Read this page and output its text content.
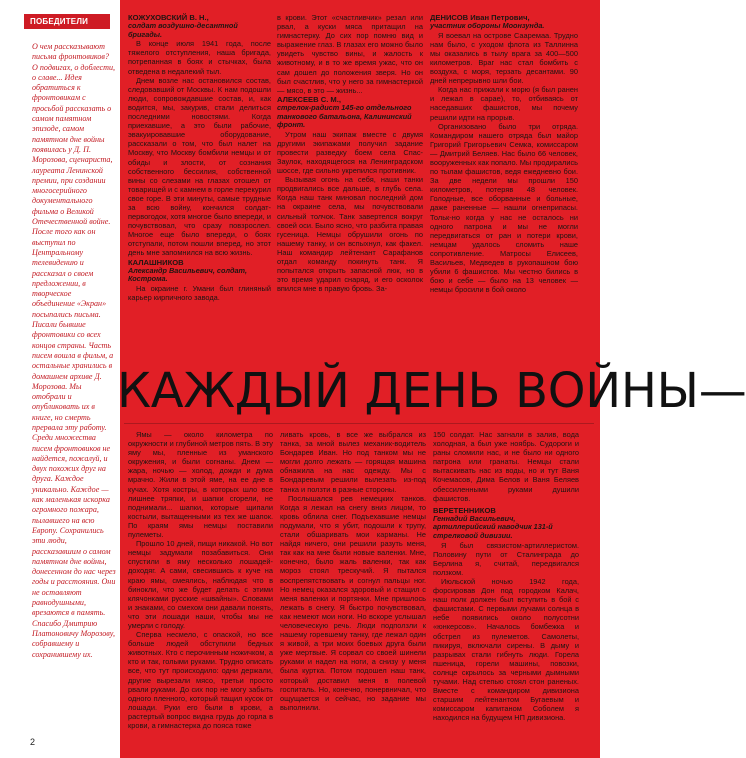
ПОБЕДИТЕЛИ
О чем рассказывают письма фронтовиков? О подвигах, о доблести, о славе... Идея обратиться к фронтовикам с просьбой рассказать о самом памятном эпизоде, самом памятном дне войны появилась у Д. П. Морозова, сценариста, лауреата Ленинской премии, при создании многосерийного документального фильма о Великой Отечественной войне. После того как он выступил по Центральному телевидению и рассказал о своем предложении, в творческое объединение «Экран» посыпались письма. Писали бывшие фронтовики со всех концов страны. Часть писем вошла в фильм, а остальные хранились в домашнем архиве Д. Морозова. Мы отобрали и опубликовать их в книге, но смерть прервала эту работу. Среди множества писем фронтовиков не найдется, пожалуй, и двух похожих друг на друга. Каждое уникально. Каждое — как маленькая искорка огромного пожара, пылавшего на всю Европу. Сохранились эти люди, рассказавшим о самом памятном дне войны, донесенном до нас через годы и расстояния. Они не оставляют равнодушными, врезаются в память. Спасибо Дмитрию Платоновичу Морозову, собравшему и сохранившему их.
2
КОЖУХОВСКИЙ В. Н.,
солдат воздушно-десантной бригады.
В конце июля 1941 года, после тяжелого отступления, наша бригада, потрепанная в боях и стычках, была отведена в недалекий тыл.
Днем возле нас остановился состав, следовавший от Москвы. К нам подошли люди, сопровождавшие состав, и, как водится, мы, закурив, стали делиться последними новостями. Когда приехавшие, а это были рабочие, эвакуировавшие оборудование, рассказали о том, что был налет на Москву, что Москву бомбили немцы и от обиды и злости, от сознания собственного бессилия, собственной вины со слезами на глазах отошел от товарищей и с камнем в горле перекурил свое горе. В эти минуты, самые трудные за всю войну, кончился солдат-первогодок, хотя многое было впереди, и почувствовал, что сразу повзрослел. Многое еще было впереди, о боях отступали, потом пошли вперед, но этот день мне запомнился на всю жизнь.
КАЛАШНИКОВ
Александр Васильевич, солдат, Кострома.
На окраине г. Умани был глиняный карьер кирпичного завода.
в крови. Этот «счастливчик» резал или рвал, а куски мяса притащил на гимнастерку. До сих пор помню вид и выражение глаз. В глазах его можно было увидеть чувство вины, и жалость к животному, и в то же время ужас, что он сам дошел до положения зверя. Но он был счастлив, что у него за гимнастеркой — мясо, в это — жизнь...
АЛЕКСЕЕВ С. М.,
стрелок-радист 145-го отдельного танкового батальона, Калининский фронт.
Утром наш экипаж вместе с двумя другими экипажами получил задание провести разведку боем села Спас-Заулок, находящегося на Ленинградском шоссе, где сильно укрепился противник.
Вызывая огонь на себя, наши танки продвигались все дальше, в глубь села. Когда наш танк миновал последний дом на окраине села, мы почувствовали сильный толчок. Танк завертелся вокруг своей оси. Было ясно, что разбита правая гусеница. Немцы обрушили огонь по нашему танку, и он вспыхнул, как факел. Наш командир лейтенант Сарафанов отдал команду покинуть танк. Я попытался открыть запасной люк, но в это время ударил снаряд, и его осколок впился мне в правую бровь. За-
ДЕНИСОВ Иван Петрович,
участник обороны Моонзунда.
Я воевал на острове Сааремаа. Трудно нам было, с уходом флота из Таллинна мы оказались в тылу врага за 400—500 километров. Враг нас стал бомбить с воздуха, с моря, терзать десантами. 90 дней непрерывно шли бои.
Когда нас прижали к морю (я был ранен и лежал в сарае), то, отбиваясь от наседавших фашистов, мы почему решили идти на прорыв.
Организовано было три отряда. Командиром нашего отряда был майор Григорий Григорьевич Семка, комиссаром — Дмитрий Беляев. Нас было 66 человек, вооруженных как попало. Мы продирались по тылам фашистов, ведя ежедневно бои. За две недели мы прошли 150 километров, потеряв 48 человек. Голодные, все оборванные и больные, даже раненные — нашли огнеприпасы. Тольк-но когда у нас не осталось ни одного патрона и мы не могли передвигаться от ран и потери крови, немцам удалось сломить наше сопротивление. Матросы Елисеев, Васильев, Медведев в рукопашном бою убили 6 фашистов. Мы честно бились в бою и себе — было на 13 человек — немцы бросили в бой около
КАЖДЫЙ ДЕНЬ ВОЙНЫ—
Ямы — около километра по окружности и глубиной метров пять. В эту яму мы, пленные из уманского окружения, и были согнаны. Днем — жара, ночью — холод, дожди и дума мрачно. Жили в этой яме, на ее дне в кучах. Хотя костры, в которых шло все лишнее тряпки, и шапки сгорели, не поднимали... шапки, которые щипали костыли, вытащенными из тех же шапок. По краям ямы немцы поставили пулеметы.
Прошло 10 дней, пищи никакой. Но вот немцы задумали позабавиться. Они спустили в яму несколько лошадей-доходяг. А сами, свесившись к куче на краю ямы, смеялись, наблюдая что в бинокли, что же будет делать с этими клячонками русские «швайны». Словами и знаками, со смехом они давали понять, что эти лошади наши, чтобы мы не умерли с голоду.
Сперва несмело, с опаской, но все больше людей обступили бедных животных. Кто с перочинным ножичком, а кто и так, голыми руками. Трудно описать все, что тут происходило: одни держали, другие вырезали мясо, третьи просто рвали руками. До сих пор не могу забыть одного пленного, который тащил кусок от лошади. Руки его были в крови, а растертый вопрос видна грудь до горла в крови, а гимнастерка до пояса тоже
ливать кровь, в все же выбрался из танка, за мной вылез механик-водитель Бондарев Иван. Но под танком мы не могли долго лежать — горящая машина обнажила на нас одежду. Мы с Бондаревым решили вылезать из-под танка и ползти в разные стороны.
Послышался рев немецких танков. Когда я лежал на снегу вниз лицом, то кровь облила снег. Подъехавшие немцы подумали, что я убит, подошли к трупу, стали обшаривать мои карманы. Не найдя ничего, они решили разуть меня, так как на мне были новые валенки. Мне, конечно, было жаль валенки, так как мороз стоял трескучий. Я пытался воспрепятствовать и согнул пальцы ног. Но немец оказался здоровый и стащил с меня валенки и портянки. Мне пришлось лежать в снегу. Я быстро почувствовал, как немеют мои ноги. Но вскоре услышал человеческую речь. Люди подползли к нашему горевшему танку, где лежал один я живой, а три моих боевых друга были уже мертвые. Я сорвал со своей шинели руками и надел на ноги, а снизу у меня была куртка. Потом подошел наш танк, который доставил меня в полевой госпиталь. Но, конечно, понервничал, что ощущается и сейчас, но задание мы выполнили.
150 солдат. Нас загнали в залив, вода холодная, а был уже ноябрь. Судороги и раны сломили нас, и не было ни одного патрона или гранаты. Немцы стали вытаскивать нас из воды, но и тут Ваня Кочемасов, Дима Белов и Ваня Беляев обессиленными руками душили фашистов.
ВЕРЕТЕННИКОВ
Геннадий Васильевич, артиллерийский наводчик 131-й стрелковой дивизии.
Я был связистом-артиллеристом. Половину пути от Сталинграда до Берлина я, считай, передвигался ползком.
Июльской ночью 1942 года, форсировав Дон под городком Калач, наш полк должен был вступить в бой с фашистами. С первыми лучами солнца в небе появились около полусотни «юнкерсов». Началось бомбежка и обстрел из пулеметов. Самолеты, пикируя, включали сирены. В дыму и разрывах стали гибнуть люди. Горела пшеница, горели машины, повозки, солнце скрылось за черными дымными тучами. Над степью стоял стон раненых. Вместе с командиром дивизиона старшим лейтенантом Бугаевым и комиссаром капитаном Соболем я находился на будущем НП дивизиона.
